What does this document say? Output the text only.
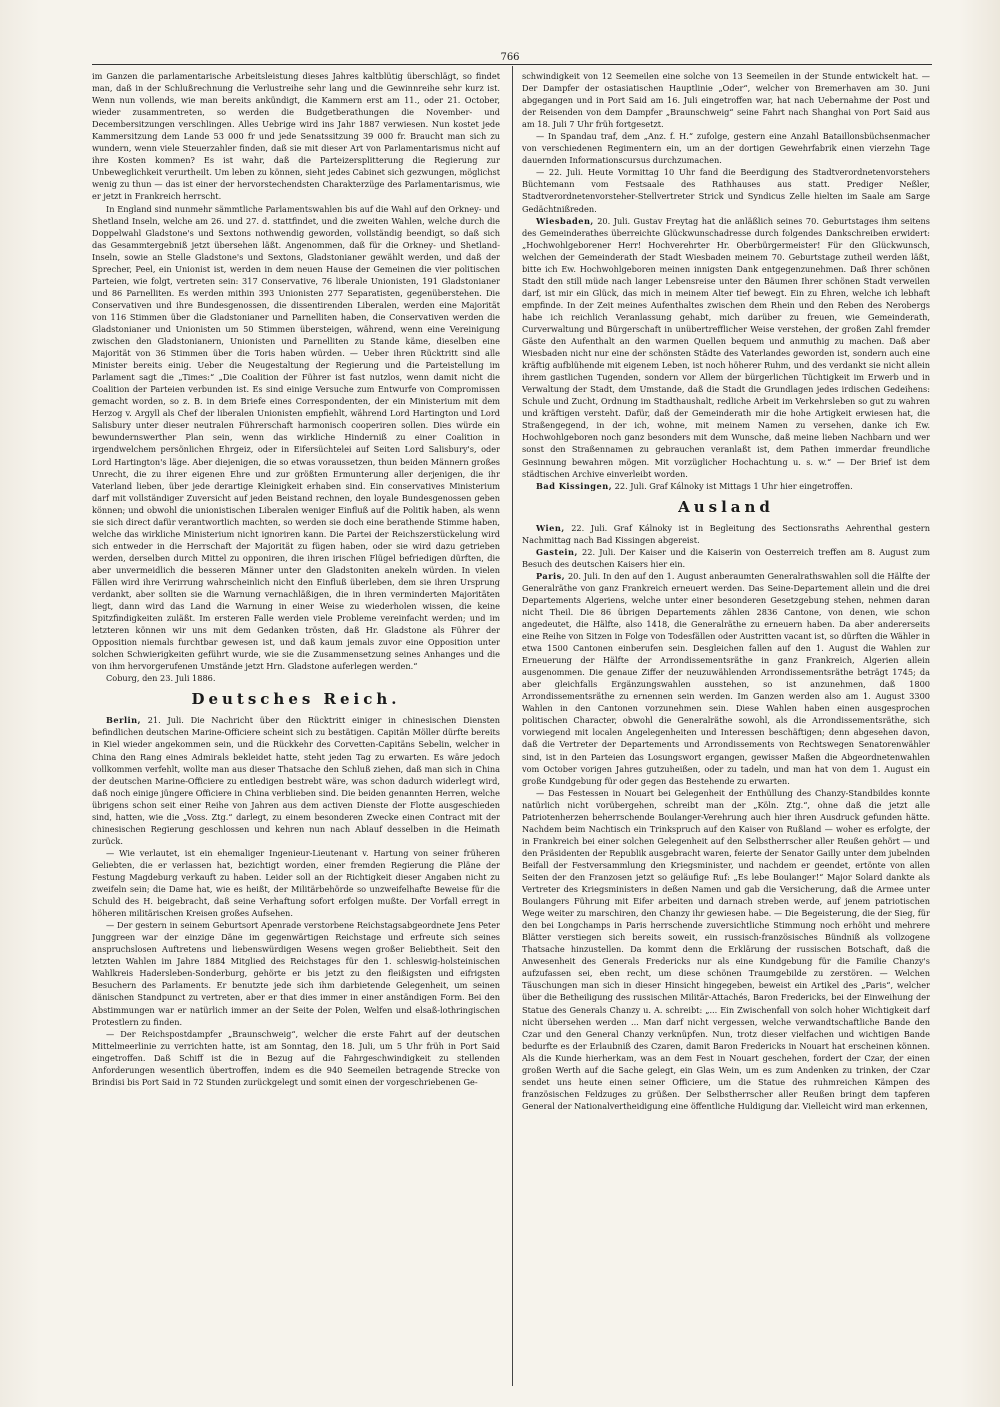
766

im Ganzen die parlamentarische Arbeitsleistung dieses Jahres kaltblütig überschlägt, so findet man, daß in der Schlußrechnung die Verlustreihe sehr lang und die Gewinnreihe sehr kurz ist. Wenn nun vollends, wie man bereits ankündigt, die Kammern erst am 11., oder 21. October, wieder zusammentreten, so werden die Budgetberathungen die November- und Decembersitzungen verschlingen. Alles Uebrige wird ins Jahr 1887 verwiesen. Nun kostet jede Kammersitzung dem Lande 53 000 fr und jede Senatssitzung 39 000 fr. Braucht man sich zu wundern, wenn viele Steuerzahler finden, daß sie mit dieser Art von Parlamentarismus nicht auf ihre Kosten kommen? Es ist wahr, daß die Parteizersplitterung die Regierung zur Unbeweglichkeit verurtheilt. Um leben zu können, sieht jedes Cabinet sich gezwungen, möglichst wenig zu thun — das ist einer der hervorstechendsten Charakterzüge des Parlamentarismus, wie er jetzt in Frankreich herrscht.

In England sind nunmehr sämmtliche Parlamentswahlen bis auf die Wahl auf den Orkney- und Shetland Inseln, welche am 26. und 27. d. stattfindet, und die zweiten Wahlen, welche durch die Doppelwahl Gladstone's und Sextons nothwendig geworden, vollständig beendigt, so daß sich das Gesammtergebniß jetzt übersehen läßt. Angenommen, daß für die Orkney- und Shetland-Inseln, sowie an Stelle Gladstone's und Sextons, Gladstonianer gewählt werden, und daß der Sprecher, Peel, ein Unionist ist, werden in dem neuen Hause der Gemeinen die vier politischen Parteien, wie folgt, vertreten sein: 317 Conservative, 76 liberale Unionisten, 191 Gladstonianer und 86 Parnelliten. Es werden mithin 393 Unionisten 277 Separatisten, gegenüberstehen. Die Conservativen und ihre Bundesgenossen, die dissentirenden Liberalen, werden eine Majorität von 116 Stimmen über die Gladstonianer und Parnelliten haben, die Conservativen werden die Gladstonianer und Unionisten um 50 Stimmen übersteigen, während, wenn eine Vereinigung zwischen den Gladstonianern, Unionisten und Parnelliten zu Stande käme, dieselben eine Majorität von 36 Stimmen über die Toris haben würden. — Ueber ihren Rücktritt sind alle Minister bereits einig. Ueber die Neugestaltung der Regierung und die Parteistellung im Parlament sagt die „Times:“ „Die Coalition der Führer ist fast nutzlos, wenn damit nicht die Coalition der Parteien verbunden ist. Es sind einige Versuche zum Entwurfe von Compromissen gemacht worden, so z. B. in dem Briefe eines Correspondenten, der ein Ministerium mit dem Herzog v. Argyll als Chef der liberalen Unionisten empfiehlt, während Lord Hartington und Lord Salisbury unter dieser neutralen Führerschaft harmonisch cooperiren sollen. Dies würde ein bewundernswerther Plan sein, wenn das wirkliche Hinderniß zu einer Coalition in irgendwelchem persönlichen Ehrgeiz, oder in Eifersüchtelei auf Seiten Lord Salisbury's, oder Lord Hartington's läge. Aber diejenigen, die so etwas voraussetzen, thun beiden Männern großes Unrecht, die zu ihrer eigenen Ehre und zur größten Ermunterung aller derjenigen, die ihr Vaterland lieben, über jede derartige Kleinigkeit erhaben sind. Ein conservatives Ministerium darf mit vollständiger Zuversicht auf jeden Beistand rechnen, den loyale Bundesgenossen geben können; und obwohl die unionistischen Liberalen weniger Einfluß auf die Politik haben, als wenn sie sich direct dafür verantwortlich machten, so werden sie doch eine berathende Stimme haben, welche das wirkliche Ministerium nicht ignoriren kann. Die Partei der Reichszerstückelung wird sich entweder in die Herrschaft der Majorität zu fügen haben, oder sie wird dazu getrieben werden, derselben durch Mittel zu opponiren, die ihren irischen Flügel befriedigen dürften, die aber unvermeidlich die besseren Männer unter den Gladstoniten anekeln würden. In vielen Fällen wird ihre Verirrung wahrscheinlich nicht den Einfluß überleben, dem sie ihren Ursprung verdankt, aber sollten sie die Warnung vernachläßigen, die in ihren verminderten Majoritäten liegt, dann wird das Land die Warnung in einer Weise zu wiederholen wissen, die keine Spitzfindigkeiten zuläßt. Im ersteren Falle werden viele Probleme vereinfacht werden; und im letzteren können wir uns mit dem Gedanken trösten, daß Hr. Gladstone als Führer der Opposition niemals furchtbar gewesen ist, und daß kaum jemals zuvor eine Opposition unter solchen Schwierigkeiten geführt wurde, wie sie die Zusammensetzung seines Anhanges und die von ihm hervorgerufenen Umstände jetzt Hrn. Gladstone auferlegen werden.“

Coburg, den 23. Juli 1886.

Deutsches Reich.

Berlin, 21. Juli. Die Nachricht über den Rücktritt einiger in chinesischen Diensten befindlichen deutschen Marine-Officiere scheint sich zu bestätigen. Capitän Möller dürfte bereits in Kiel wieder angekommen sein, und die Rückkehr des Corvetten-Capitäns Sebelin, welcher in China den Rang eines Admirals bekleidet hatte, steht jeden Tag zu erwarten. Es wäre jedoch vollkommen verfehlt, wollte man aus dieser Thatsache den Schluß ziehen, daß man sich in China der deutschen Marine-Officiere zu entledigen bestrebt wäre, was schon dadurch widerlegt wird, daß noch einige jüngere Officiere in China verblieben sind. Die beiden genannten Herren, welche übrigens schon seit einer Reihe von Jahren aus dem activen Dienste der Flotte ausgeschieden sind, hatten, wie die „Voss. Ztg.“ darlegt, zu einem besonderen Zwecke einen Contract mit der chinesischen Regierung geschlossen und kehren nun nach Ablauf desselben in die Heimath zurück.

— Wie verlautet, ist ein ehemaliger Ingenieur-Lieutenant v. Hartung von seiner früheren Geliebten, die er verlassen hat, bezichtigt worden, einer fremden Regierung die Pläne der Festung Magdeburg verkauft zu haben. Leider soll an der Richtigkeit dieser Angaben nicht zu zweifeln sein; die Dame hat, wie es heißt, der Militärbehörde so unzweifelhafte Beweise für die Schuld des H. beigebracht, daß seine Verhaftung sofort erfolgen mußte. Der Vorfall erregt in höheren militärischen Kreisen großes Aufsehen.

— Der gestern in seinem Geburtsort Apenrade verstorbene Reichstagsabgeordnete Jens Peter Junggreen war der einzige Däne im gegenwärtigen Reichstage und erfreute sich seines anspruchslosen Auftretens und liebenswürdigen Wesens wegen großer Beliebtheit. Seit den letzten Wahlen im Jahre 1884 Mitglied des Reichstages für den 1. schleswig-holsteinischen Wahlkreis Hadersleben-Sonderburg, gehörte er bis jetzt zu den fleißigsten und eifrigsten Besuchern des Parlaments. Er benutzte jede sich ihm darbietende Gelegenheit, um seinen dänischen Standpunct zu vertreten, aber er that dies immer in einer anständigen Form. Bei den Abstimmungen war er natürlich immer an der Seite der Polen, Welfen und elsaß-lothringischen Protestlern zu finden.

— Der Reichspostdampfer „Braunschweig“, welcher die erste Fahrt auf der deutschen Mittelmeerlinie zu verrichten hatte, ist am Sonntag, den 18. Juli, um 5 Uhr früh in Port Said eingetroffen. Daß Schiff ist die in Bezug auf die Fahrgeschwindigkeit zu stellenden Anforderungen wesentlich übertroffen, indem es die 940 Seemeilen betragende Strecke von Brindisi bis Port Said in 72 Stunden zurückgelegt und somit einen der vorgeschriebenen Ge-

schwindigkeit von 12 Seemeilen eine solche von 13 Seemeilen in der Stunde entwickelt hat. — Der Dampfer der ostasiatischen Hauptlinie „Oder“, welcher von Bremerhaven am 30. Juni abgegangen und in Port Said am 16. Juli eingetroffen war, hat nach Uebernahme der Post und der Reisenden von dem Dampfer „Braunschweig“ seine Fahrt nach Shanghai von Port Said aus am 18. Juli 7 Uhr früh fortgesetzt.

— In Spandau traf, dem „Anz. f. H.“ zufolge, gestern eine Anzahl Bataillonsbüchsenmacher von verschiedenen Regimentern ein, um an der dortigen Gewehrfabrik einen vierzehn Tage dauernden Informationscursus durchzumachen.

— 22. Juli. Heute Vormittag 10 Uhr fand die Beerdigung des Stadtverordnetenvorstehers Büchtemann vom Festsaale des Rathhauses aus statt. Prediger Neßler, Stadtverordnetenvorsteher-Stellvertreter Strick und Syndicus Zelle hielten im Saale am Sarge Gedächtnißreden.

Wiesbaden, 20. Juli. Gustav Freytag hat die anläßlich seines 70. Geburtstages ihm seitens des Gemeinderathes überreichte Glückwunschadresse durch folgendes Dankschreiben erwidert: „Hochwohlgeborener Herr! Hochverehrter Hr. Oberbürgermeister! Für den Glückwunsch, welchen der Gemeinderath der Stadt Wiesbaden meinem 70. Geburtstage zutheil werden läßt, bitte ich Ew. Hochwohlgeboren meinen innigsten Dank entgegenzunehmen. Daß Ihrer schönen Stadt den still müde nach langer Lebensreise unter den Bäumen Ihrer schönen Stadt verweilen darf, ist mir ein Glück, das mich in meinem Alter tief bewegt. Ein zu Ehren, welche ich lebhaft empfinde. In der Zeit meines Aufenthaltes zwischen dem Rhein und den Reben des Nerobergs habe ich reichlich Veranlassung gehabt, mich darüber zu freuen, wie Gemeinderath, Curverwaltung und Bürgerschaft in unübertrefflicher Weise verstehen, der großen Zahl fremder Gäste den Aufenthalt an den warmen Quellen bequem und anmuthig zu machen. Daß aber Wiesbaden nicht nur eine der schönsten Städte des Vaterlandes geworden ist, sondern auch eine kräftig aufblühende mit eigenem Leben, ist noch höherer Ruhm, und des verdankt sie nicht allein ihrem gastlichen Tugenden, sondern vor Allem der bürgerlichen Tüchtigkeit im Erwerb und in Verwaltung der Stadt, dem Umstande, daß die Stadt die Grundlagen jedes irdischen Gedeihens: Schule und Zucht, Ordnung im Stadthaushalt, redliche Arbeit im Verkehrsleben so gut zu wahren und kräftigen versteht. Dafür, daß der Gemeinderath mir die hohe Artigkeit erwiesen hat, die Straßengegend, in der ich, wohne, mit meinem Namen zu versehen, danke ich Ew. Hochwohlgeboren noch ganz besonders mit dem Wunsche, daß meine lieben Nachbarn und wer sonst den Straßennamen zu gebrauchen veranlaßt ist, dem Pathen immerdar freundliche Gesinnung bewahren mögen. Mit vorzüglicher Hochachtung u. s. w.“ — Der Brief ist dem städtischen Archive einverleibt worden.

Bad Kissingen, 22. Juli. Graf Kálnoky ist Mittags 1 Uhr hier eingetroffen.

Ausland

Wien, 22. Juli. Graf Kálnoky ist in Begleitung des Sectionsraths Aehrenthal gestern Nachmittag nach Bad Kissingen abgereist.

Gastein, 22. Juli. Der Kaiser und die Kaiserin von Oesterreich treffen am 8. August zum Besuch des deutschen Kaisers hier ein.

Paris, 20. Juli. In den auf den 1. August anberaumten Generalrathswahlen soll die Hälfte der Generalräthe von ganz Frankreich erneuert werden. Das Seine-Departement allein und die drei Departements Algeriens, welche unter einer besonderen Gesetzgebung stehen, nehmen daran nicht Theil. Die 86 übrigen Departements zählen 2836 Cantone, von denen, wie schon angedeutet, die Hälfte, also 1418, die Generalräthe zu erneuern haben. Da aber andererseits eine Reihe von Sitzen in Folge von Todesfällen oder Austritten vacant ist, so dürften die Wähler in etwa 1500 Cantonen einberufen sein. Desgleichen fallen auf den 1. August die Wahlen zur Erneuerung der Hälfte der Arrondissementsräthe in ganz Frankreich, Algerien allein ausgenommen. Die genaue Ziffer der neuzuwählenden Arrondissementsräthe beträgt 1745; da aber gleichfalls Ergänzungswahlen ausstehen, so ist anzunehmen, daß 1800 Arrondissementsräthe zu ernennen sein werden. Im Ganzen werden also am 1. August 3300 Wahlen in den Cantonen vorzunehmen sein. Diese Wahlen haben einen ausgesprochen politischen Character, obwohl die Generalräthe sowohl, als die Arrondissementsräthe, sich vorwiegend mit localen Angelegenheiten und Interessen beschäftigen; denn abgesehen davon, daß die Vertreter der Departements und Arrondissements von Rechtswegen Senatorenwähler sind, ist in den Parteien das Losungswort ergangen, gewisser Maßen die Abgeordnetenwahlen vom October vorigen Jahres gutzuheißen, oder zu tadeln, und man hat von dem 1. August ein große Kundgebung für oder gegen das Bestehende zu erwarten.

— Das Festessen in Nouart bei Gelegenheit der Enthüllung des Chanzy-Standbildes konnte natürlich nicht vorübergehen, schreibt man der „Köln. Ztg.“, ohne daß die jetzt alle Patriotenherzen beherrschende Boulanger-Verehrung auch hier ihren Ausdruck gefunden hätte. Nachdem beim Nachtisch ein Trinkspruch auf den Kaiser von Rußland — woher es erfolgte, der in Frankreich bei einer solchen Gelegenheit auf den Selbstherrscher aller Reußen gehört — und den Präsidenten der Republik ausgebracht waren, feierte der Senator Gailly unter dem jubelnden Beifall der Festversammlung den Kriegsminister, und nachdem er geendet, ertönte von allen Seiten der den Franzosen jetzt so geläufige Ruf: „Es lebe Boulanger!“ Major Solard dankte als Vertreter des Kriegsministers in deßen Namen und gab die Versicherung, daß die Armee unter Boulangers Führung mit Eifer arbeiten und darnach streben werde, auf jenem patriotischen Wege weiter zu marschiren, den Chanzy ihr gewiesen habe. — Die Begeisterung, die der Sieg, für den bei Longchamps in Paris herrschende zuversichtliche Stimmung noch erhöht und mehrere Blätter verstiegen sich bereits soweit, ein russisch-französisches Bündniß als vollzogene Thatsache hinzustellen. Da kommt denn die Erklärung der russischen Botschaft, daß die Anwesenheit des Generals Fredericks nur als eine Kundgebung für die Familie Chanzy's aufzufassen sei, eben recht, um diese schönen Traumgebilde zu zerstören. — Welchen Täuschungen man sich in dieser Hinsicht hingegeben, beweist ein Artikel des „Paris“, welcher über die Betheiligung des russischen Militär-Attachés, Baron Fredericks, bei der Einweihung der Statue des Generals Chanzy u. A. schreibt: „... Ein Zwischenfall von solch hoher Wichtigkeit darf nicht übersehen werden ... Man darf nicht vergessen, welche verwandtschaftliche Bande den Czar und den General Chanzy verknüpfen. Nun, trotz dieser vielfachen und wichtigen Bande bedurfte es der Erlaubniß des Czaren, damit Baron Fredericks in Nouart hat erscheinen können. Als die Kunde hierherkam, was an dem Fest in Nouart geschehen, fordert der Czar, der einen großen Werth auf die Sache gelegt, ein Glas Wein, um es zum Andenken zu trinken, der Czar sendet uns heute einen seiner Officiere, um die Statue des ruhmreichen Kämpen des französischen Feldzuges zu grüßen. Der Selbstherrscher aller Reußen bringt dem tapferen General der Nationalvertheidigung eine öffentliche Huldigung dar. Vielleicht wird man erkennen,
